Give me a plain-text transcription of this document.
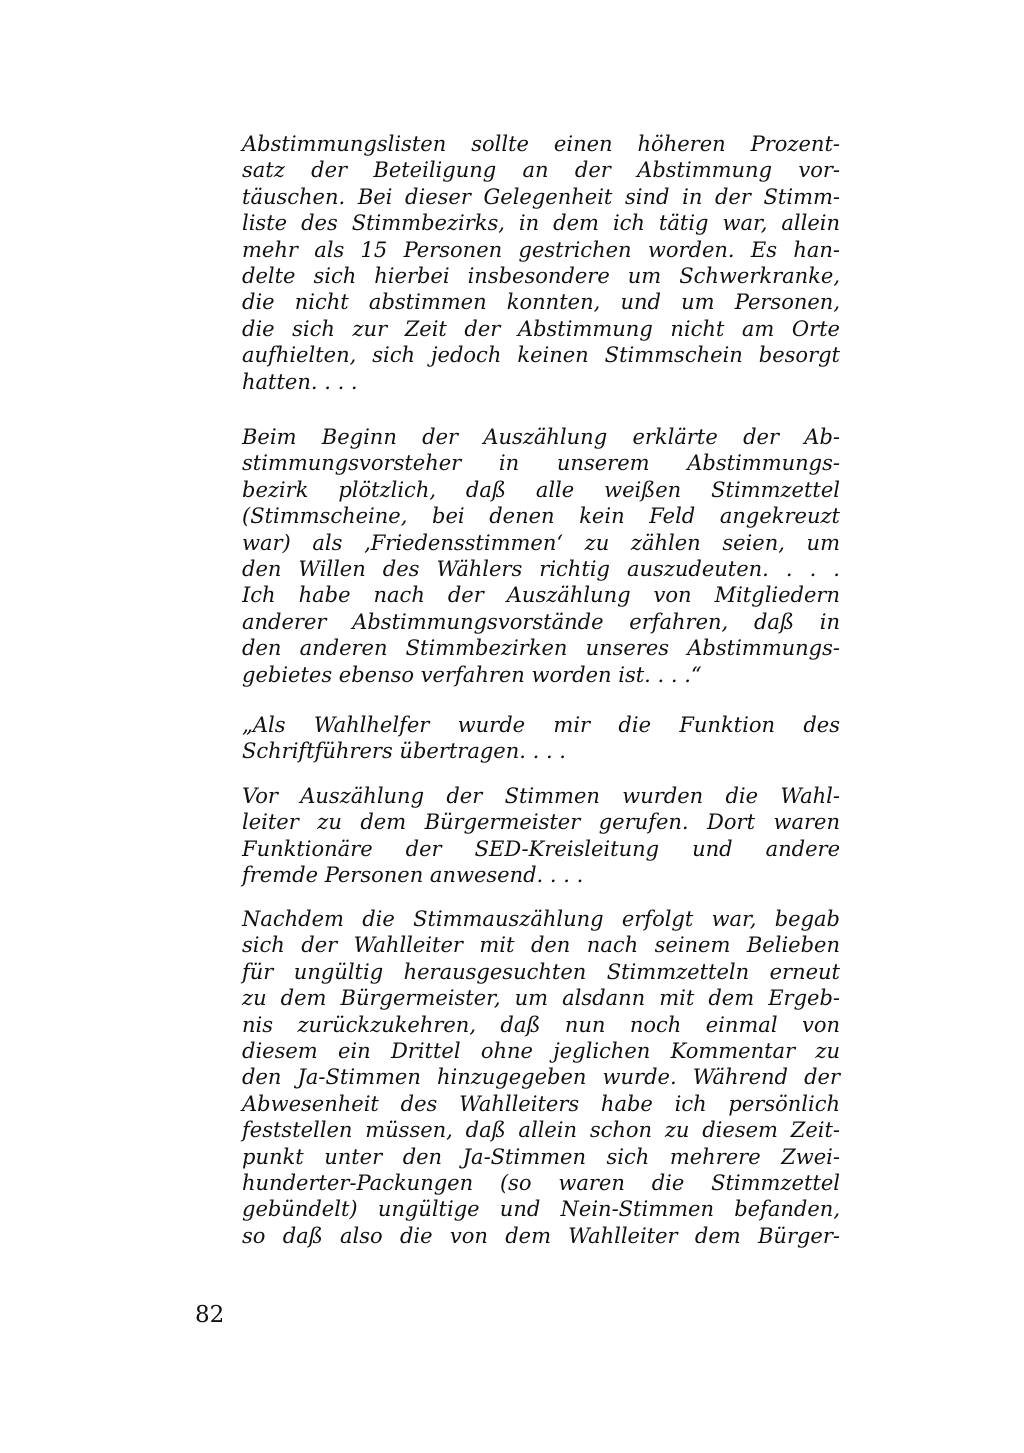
Abstimmungslisten sollte einen höheren Prozent-
satz der Beteiligung an der Abstimmung vor-
täuschen. Bei dieser Gelegenheit sind in der Stimm-
liste des Stimmbezirks, in dem ich tätig war, allein
mehr als 15 Personen gestrichen worden. Es han-
delte sich hierbei insbesondere um Schwerkranke,
die nicht abstimmen konnten, und um Personen,
die sich zur Zeit der Abstimmung nicht am Orte
aufhielten, sich jedoch keinen Stimmschein besorgt
hatten. . . .
Beim Beginn der Auszählung erklärte der Ab-
stimmungsvorsteher in unserem Abstimmungs-
bezirk plötzlich, daß alle weißen Stimmzettel
(Stimmscheine, bei denen kein Feld angekreuzt
war) als ‚Friedensstimmen‘ zu zählen seien, um
den Willen des Wählers richtig auszudeuten. . . .
Ich habe nach der Auszählung von Mitgliedern
anderer Abstimmungsvorstände erfahren, daß in
den anderen Stimmbezirken unseres Abstimmungs-
gebietes ebenso verfahren worden ist. . . .“
„Als Wahlhelfer wurde mir die Funktion des
Schriftführers übertragen. . . .
Vor Auszählung der Stimmen wurden die Wahl-
leiter zu dem Bürgermeister gerufen. Dort waren
Funktionäre der SED-Kreisleitung und andere
fremde Personen anwesend. . . .
Nachdem die Stimmauszählung erfolgt war, begab
sich der Wahlleiter mit den nach seinem Belieben
für ungültig herausgesuchten Stimmzetteln erneut
zu dem Bürgermeister, um alsdann mit dem Ergeb-
nis zurückzukehren, daß nun noch einmal von
diesem ein Drittel ohne jeglichen Kommentar zu
den Ja-Stimmen hinzugegeben wurde. Während der
Abwesenheit des Wahlleiters habe ich persönlich
feststellen müssen, daß allein schon zu diesem Zeit-
punkt unter den Ja-Stimmen sich mehrere Zwei-
hunderter-Packungen (so waren die Stimmzettel
gebündelt) ungültige und Nein-Stimmen befanden,
so daß also die von dem Wahlleiter dem Bürger-
82
